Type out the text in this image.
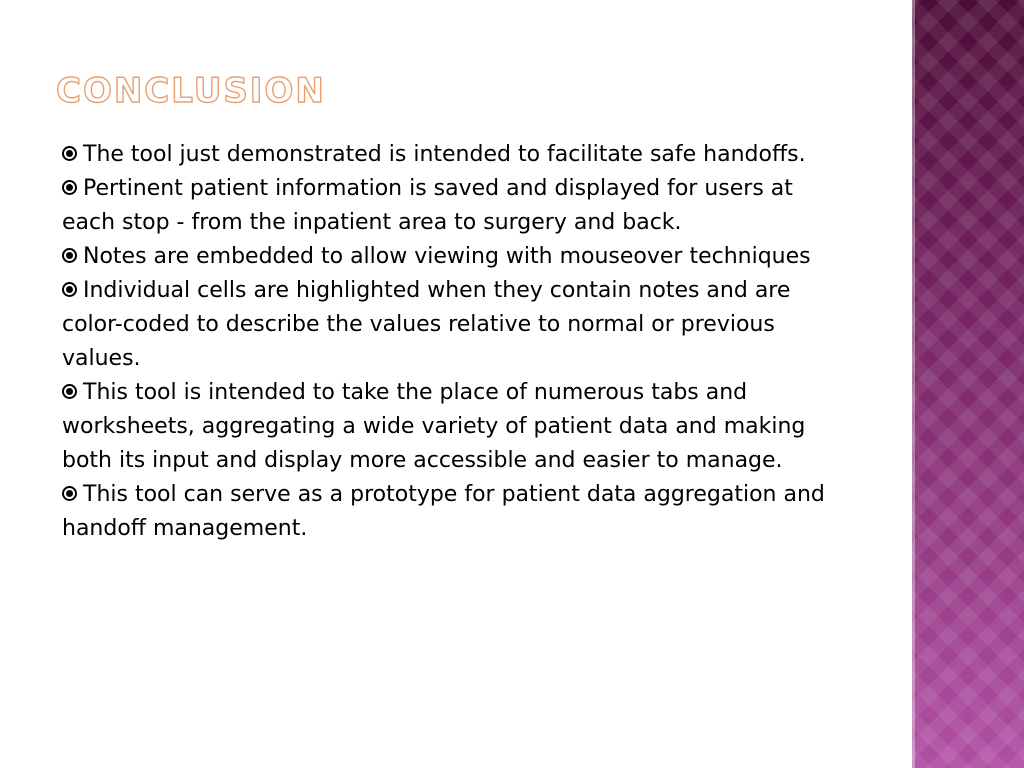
CONCLUSION

The tool just demonstrated is intended to facilitate safe handoffs.

Pertinent patient information is saved and displayed for users at each stop - from the inpatient area to surgery and back.

Notes are embedded to allow viewing with mouseover techniques

Individual cells are highlighted when they contain notes and are color-coded to describe the values relative to normal or previous values.

This tool is intended to take the place of numerous tabs and worksheets, aggregating a wide variety of patient data and making both its input and display more accessible and easier to manage.

This tool can serve as a prototype for patient data aggregation and handoff management.
